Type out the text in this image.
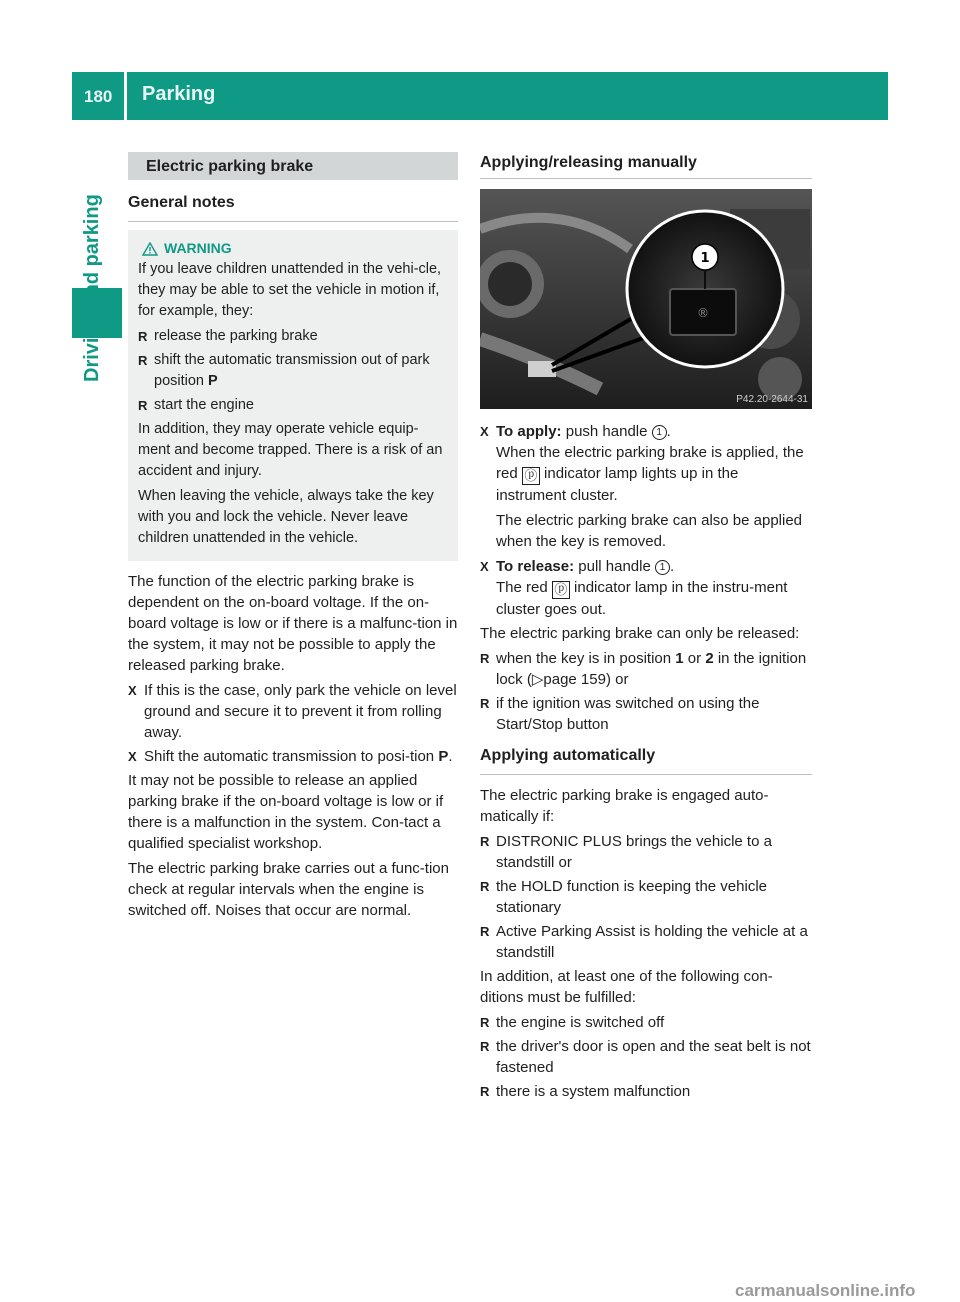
180 Parking
Electric parking brake
General notes
WARNING

If you leave children unattended in the vehi-cle, they may be able to set the vehicle in motion if, for example, they:

R release the parking brake
R shift the automatic transmission out of park position P
R start the engine

In addition, they may operate vehicle equip-ment and become trapped. There is a risk of an accident and injury.

When leaving the vehicle, always take the key with you and lock the vehicle. Never leave children unattended in the vehicle.

The function of the electric parking brake is dependent on the on-board voltage. If the on-board voltage is low or if there is a malfunc-tion in the system, it may not be possible to apply the released parking brake.

X If this is the case, only park the vehicle on level ground and secure it to prevent it from rolling away.
X Shift the automatic transmission to posi-tion P.

It may not be possible to release an applied parking brake if the on-board voltage is low or if there is a malfunction in the system. Con-tact a qualified specialist workshop.

The electric parking brake carries out a func-tion check at regular intervals when the engine is switched off. Noises that occur are normal.

Applying/releasing manually
®
1
P42.20-2644-31
X To apply: push handle 1 .
When the electric parking brake is applied, the red ⓟ indicator lamp lights up in the instrument cluster.
The electric parking brake can also be applied when the key is removed.
X To release: pull handle 1 .
The red ⓟ indicator lamp in the instru-ment cluster goes out.

The electric parking brake can only be released:

R when the key is in position 1 or 2 in the ignition lock (▷page 159) or
R if the ignition was switched on using the Start/Stop button
Applying automatically

The electric parking brake is engaged auto-matically if:

R DISTRONIC PLUS brings the vehicle to a standstill or
R the HOLD function is keeping the vehicle stationary
R Active Parking Assist is holding the vehicle at a standstill

In addition, at least one of the following con-ditions must be fulfilled:

R the engine is switched off
R the driver's door is open and the seat belt is not fastened
R there is a system malfunction
carmanualsonline.info
